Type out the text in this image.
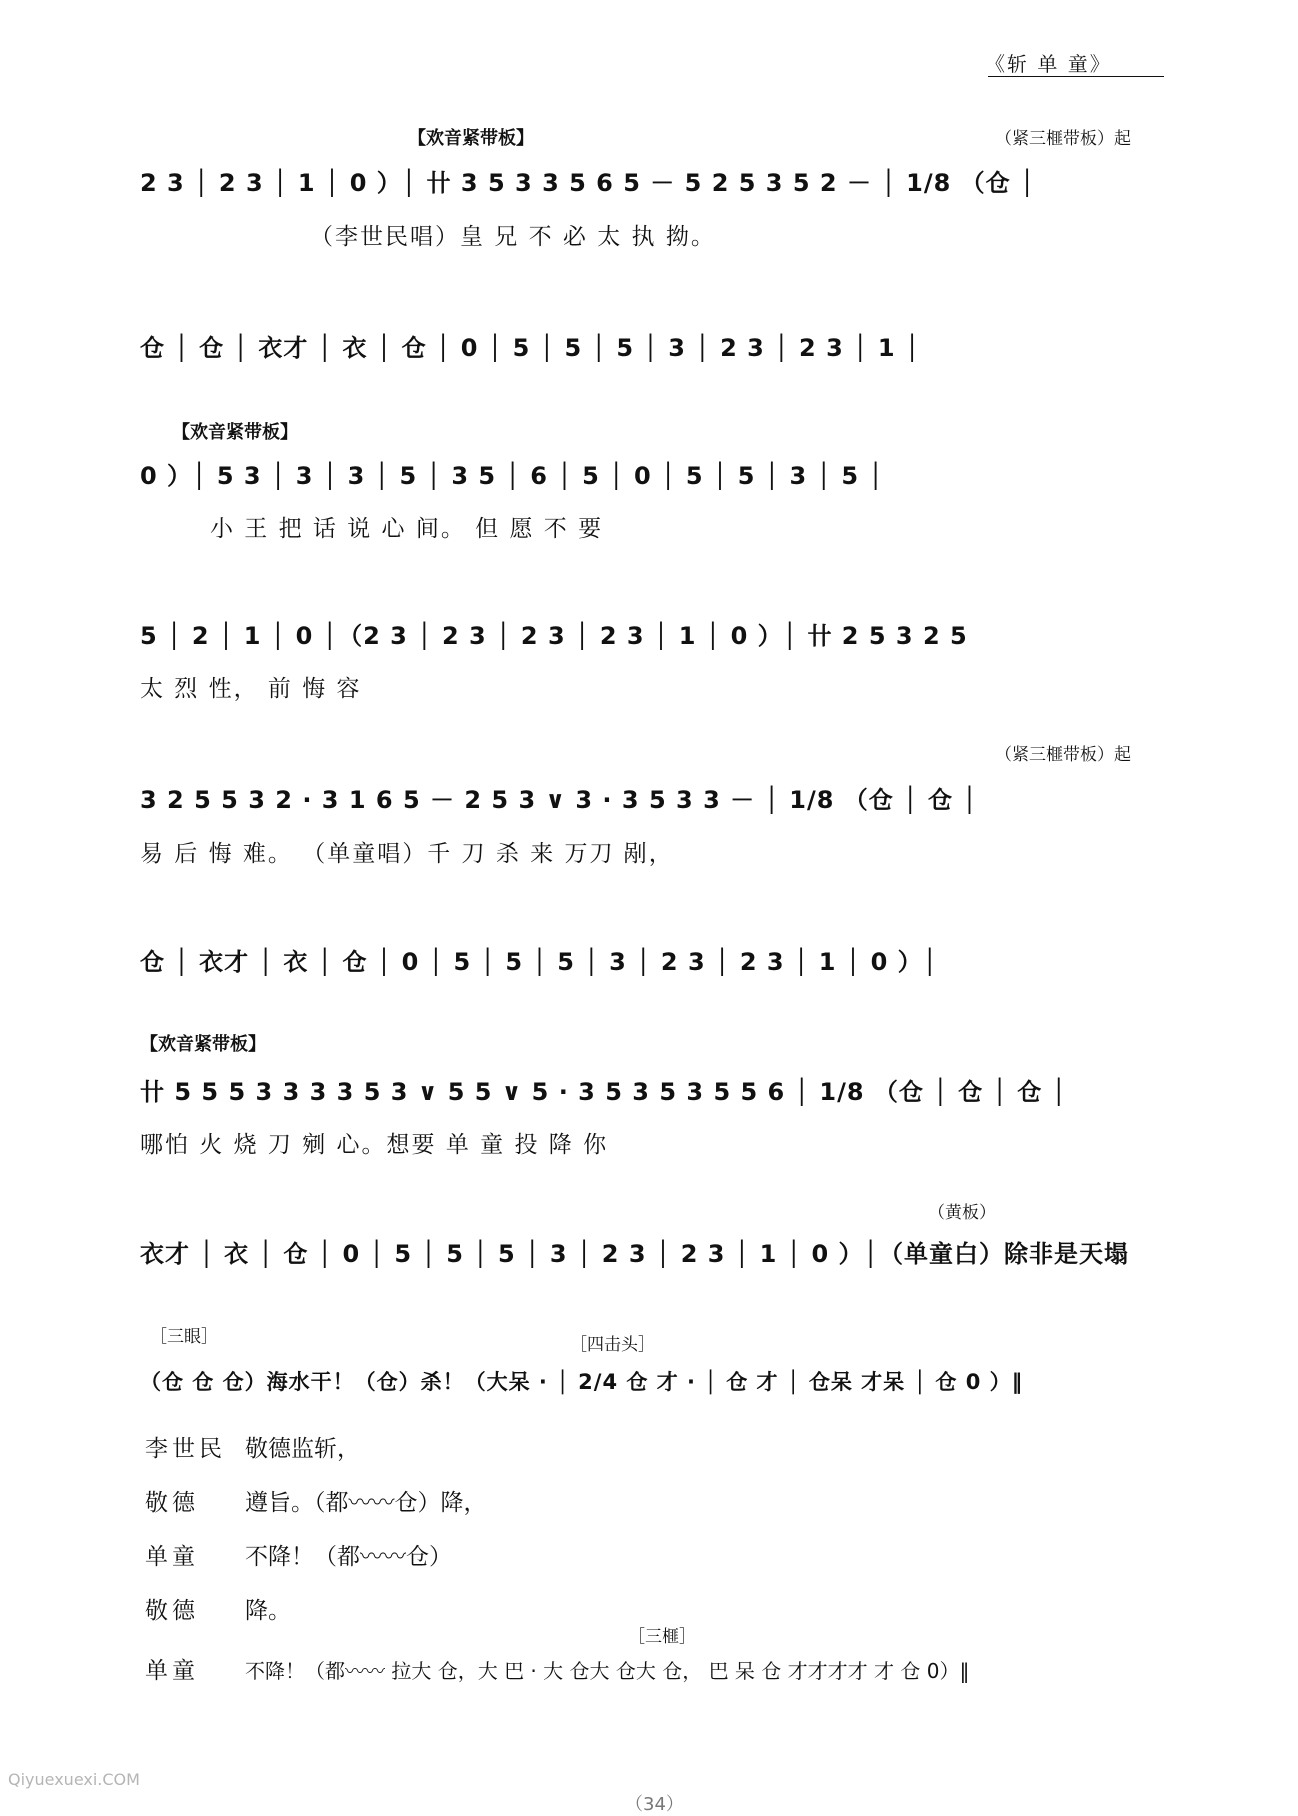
《斩 单 童》
【欢音紧带板】	（紧三榧带板）起
2 3 │ 2 3 │ 1 │ 0 ）│ 卄 3 5 3 3 5 6 5 － 5 2 5 3 5 2 － │ 1/8 （仓 │
（李世民唱）皇 兄 不 必 太 执 拗。
仓 │ 仓 │ 衣才 │ 衣 │ 仓 │ 0 │ 5 │ 5 │ 5 │ 3 │ 2 3 │ 2 3 │ 1 │
【欢音紧带板】
0 ）│ 5 3 │ 3 │ 3 │ 5 │ 3 5 │ 6 │ 5 │ 0 │ 5 │ 5 │ 3 │ 5 │
小 王 把 话 说 心 间。 但 愿 不 要
5 │ 2 │ 1 │ 0 │（2 3 │ 2 3 │ 2 3 │ 2 3 │ 1 │ 0 ）│ 卄 2 5 3 2 5
太 烈 性， 前 悔 容
（紧三榧带板）起
3 2 5 5 3 2 · 3 1 6 5 － 2 5 3 ∨ 3 · 3 5 3 3 － │ 1/8 （仓 │ 仓 │
易 后 悔 难。 （单童唱）千 刀 杀 来 万刀 剐，
仓 │ 衣才 │ 衣 │ 仓 │ 0 │ 5 │ 5 │ 5 │ 3 │ 2 3 │ 2 3 │ 1 │ 0 ）│
【欢音紧带板】
卄 5 5 5 3 3 3 3 5 3 ∨ 5 5 ∨ 5 · 3 5 3 5 3 5 5 6 │ 1/8 （仓 │ 仓 │ 仓 │
哪怕 火 烧 刀 剜 心。想要 单 童 投 降 你
（黄板）
衣才 │ 衣 │ 仓 │ 0 │ 5 │ 5 │ 5 │ 3 │ 2 3 │ 2 3 │ 1 │ 0 ）│（单童白）除非是天塌
［三眼］	［四击头］
（仓 仓 仓）海水干！（仓）杀！（大呆 · │ 2/4 仓 才 · │ 仓 才 │ 仓呆 才呆 │ 仓 0 ）‖
李世民 敬德监斩，
敬德 遵旨。（都〰〰仓）降，
单童 不降！（都〰〰仓）
敬德 降。
［三榧］
单童 不降！（都〰〰 拉大 仓，大 巴 · 大 仓大 仓大 仓， 巴 呆 仓 才才才才 才 仓 0）‖
Qiyuexuexi.COM
（34）
